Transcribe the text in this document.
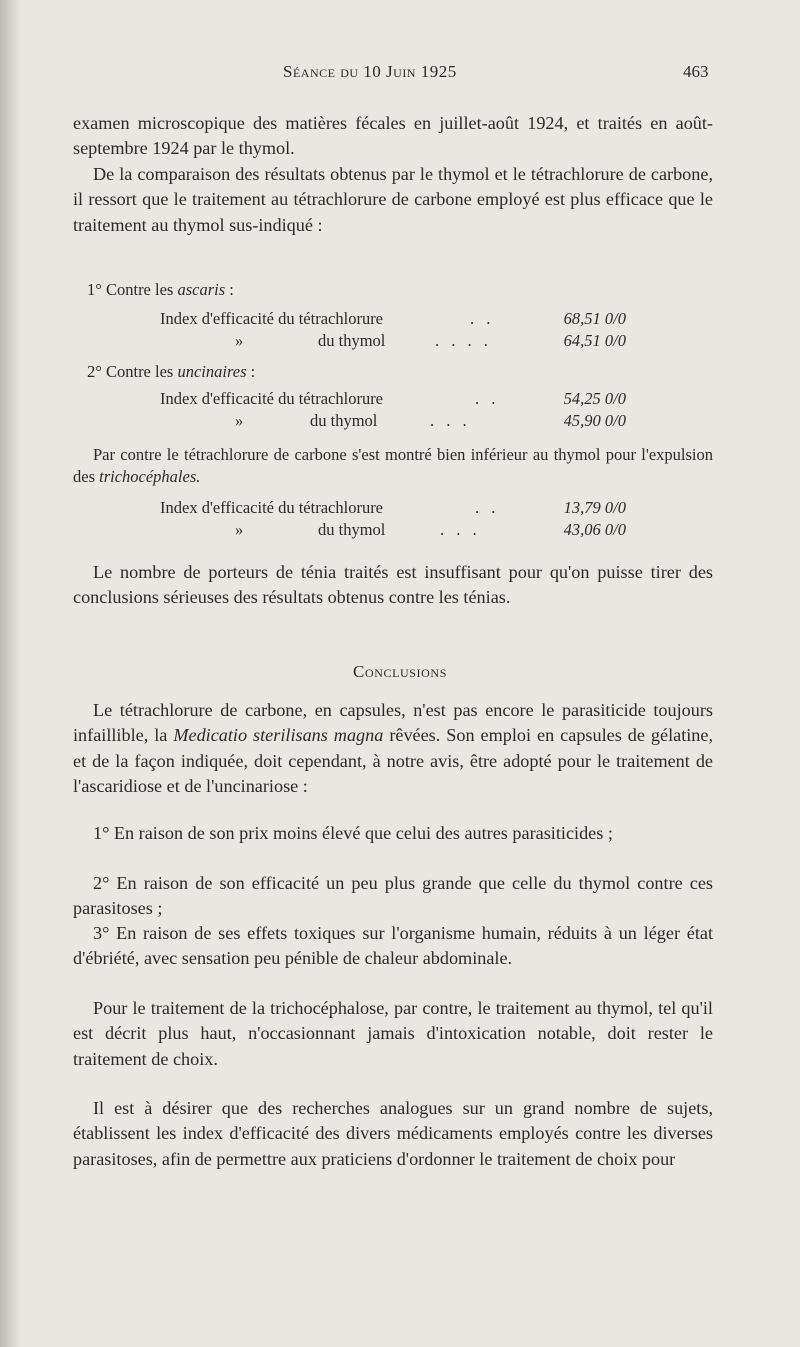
Séance du 10 Juin 1925	463

examen microscopique des matières fécales en juillet-août 1924, et traités en août-septembre 1924 par le thymol.

De la comparaison des résultats obtenus par le thymol et le tétrachlorure de carbone, il ressort que le traitement au tétrachlorure de carbone employé est plus efficace que le traitement au thymol sus-indiqué :

1° Contre les ascaris :
Index d'efficacité du tétrachlorure	. .	68,51 0/0
»	du thymol	. . . .	64,51 0/0
2° Contre les uncinaires :
Index d'efficacité du tétrachlorure	. .	54,25 0/0
»	du thymol	. . .	45,90 0/0

Par contre le tétrachlorure de carbone s'est montré bien inférieur au thymol pour l'expulsion des trichocéphales.

Index d'efficacité du tétrachlorure	. .	13,79 0/0
»	du thymol	. . .	43,06 0/0

Le nombre de porteurs de ténia traités est insuffisant pour qu'on puisse tirer des conclusions sérieuses des résultats obtenus contre les ténias.

Conclusions

Le tétrachlorure de carbone, en capsules, n'est pas encore le parasiticide toujours infaillible, la Medicatio sterilisans magna rêvées. Son emploi en capsules de gélatine, et de la façon indiquée, doit cependant, à notre avis, être adopté pour le traitement de l'ascaridiose et de l'uncinariose :

1° En raison de son prix moins élevé que celui des autres parasiticides ;

2° En raison de son efficacité un peu plus grande que celle du thymol contre ces parasitoses ;

3° En raison de ses effets toxiques sur l'organisme humain, réduits à un léger état d'ébriété, avec sensation peu pénible de chaleur abdominale.

Pour le traitement de la trichocéphalose, par contre, le traitement au thymol, tel qu'il est décrit plus haut, n'occasionnant jamais d'intoxication notable, doit rester le traitement de choix.

Il est à désirer que des recherches analogues sur un grand nombre de sujets, établissent les index d'efficacité des divers médicaments employés contre les diverses parasitoses, afin de permettre aux praticiens d'ordonner le traitement de choix pour
